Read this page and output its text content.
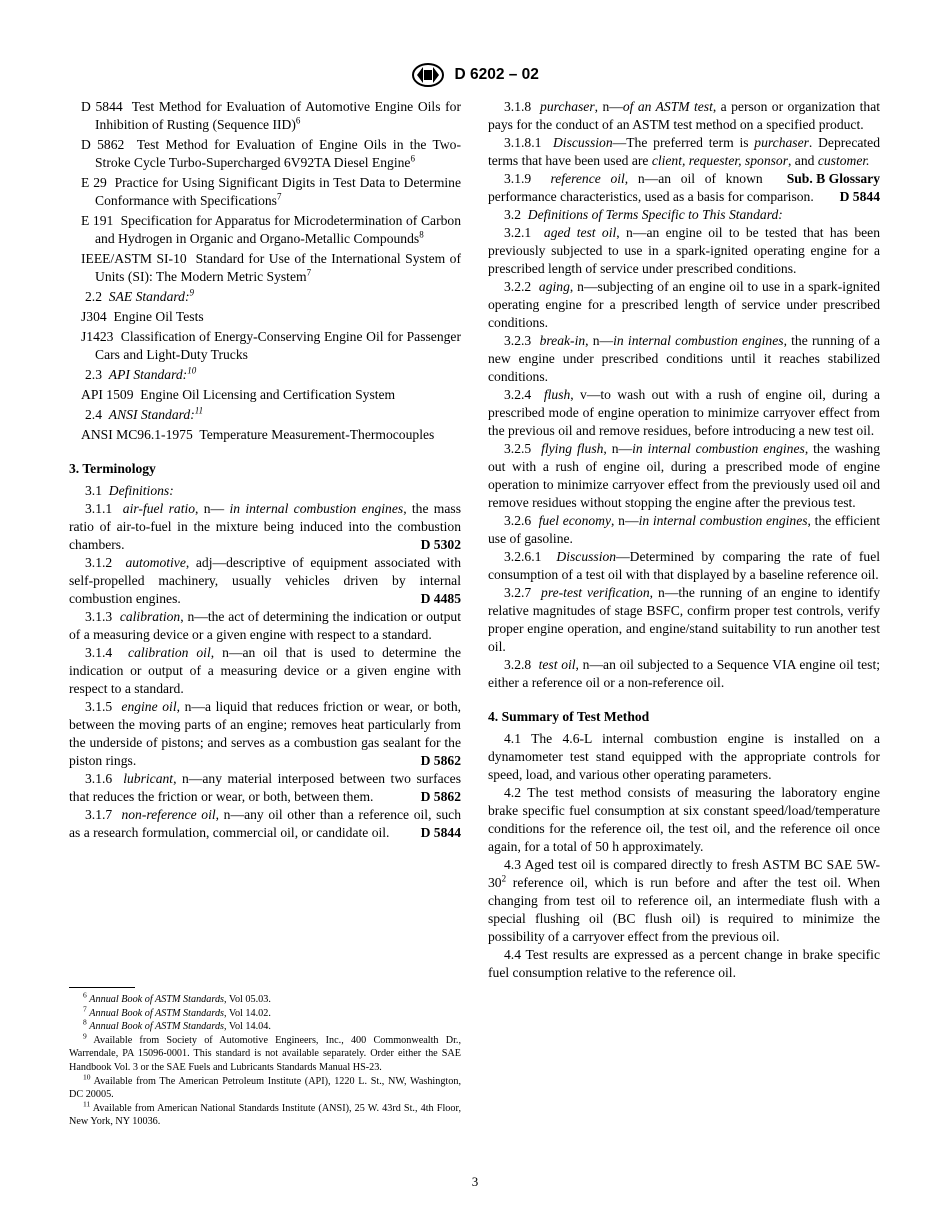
D 6202 – 02

D 5844 Test Method for Evaluation of Automotive Engine Oils for Inhibition of Rusting (Sequence IID)$^6$

D 5862 Test Method for Evaluation of Engine Oils in the Two-Stroke Cycle Turbo-Supercharged 6V92TA Diesel Engine$^6$

E 29 Practice for Using Significant Digits in Test Data to Determine Conformance with Specifications$^7$

E 191 Specification for Apparatus for Microdetermination of Carbon and Hydrogen in Organic and Organo-Metallic Compounds$^8$

IEEE/ASTM SI-10 Standard for Use of the International System of Units (SI): The Modern Metric System$^7$

2.2 SAE Standard:$^9$

J304 Engine Oil Tests

J1423 Classification of Energy-Conserving Engine Oil for Passenger Cars and Light-Duty Trucks

2.3 API Standard:$^{10}$

API 1509 Engine Oil Licensing and Certification System

2.4 ANSI Standard:$^{11}$

ANSI MC96.1-1975 Temperature Measurement-Thermocouples

3. Terminology

3.1 Definitions:

3.1.1 air-fuel ratio, n— in internal combustion engines, the mass ratio of air-to-fuel in the mixture being induced into the combustion chambers.	D 5302

3.1.2 automotive, adj—descriptive of equipment associated with self-propelled machinery, usually vehicles driven by internal combustion engines.	D 4485

3.1.3 calibration, n—the act of determining the indication or output of a measuring device or a given engine with respect to a standard.

3.1.4 calibration oil, n—an oil that is used to determine the indication or output of a measuring device or a given engine with respect to a standard.

3.1.5 engine oil, n—a liquid that reduces friction or wear, or both, between the moving parts of an engine; removes heat particularly from the underside of pistons; and serves as a combustion gas sealant for the piston rings.	D 5862

3.1.6 lubricant, n—any material interposed between two surfaces that reduces the friction or wear, or both, between them.	D 5862

3.1.7 non-reference oil, n—any oil other than a reference oil, such as a research formulation, commercial oil, or candidate oil.	D 5844

$^6$ Annual Book of ASTM Standards, Vol 05.03.

$^7$ Annual Book of ASTM Standards, Vol 14.02.

$^8$ Annual Book of ASTM Standards, Vol 14.04.

$^9$ Available from Society of Automotive Engineers, Inc., 400 Commonwealth Dr., Warrendale, PA 15096-0001. This standard is not available separately. Order either the SAE Handbook Vol. 3 or the SAE Fuels and Lubricants Standards Manual HS-23.

$^{10}$ Available from The American Petroleum Institute (API), 1220 L. St., NW, Washington, DC 20005.

$^{11}$ Available from American National Standards Institute (ANSI), 25 W. 43rd St., 4th Floor, New York, NY 10036.

3.1.8 purchaser, n—of an ASTM test, a person or organization that pays for the conduct of an ASTM test method on a specified product.

3.1.8.1 Discussion—The preferred term is purchaser. Deprecated terms that have been used are client, requester, sponsor, and customer.
Sub. B Glossary

3.1.9 reference oil, n—an oil of known performance characteristics, used as a basis for comparison.	D 5844

3.2 Definitions of Terms Specific to This Standard:

3.2.1 aged test oil, n—an engine oil to be tested that has been previously subjected to use in a spark-ignited operating engine for a prescribed length of service under prescribed conditions.

3.2.2 aging, n—subjecting of an engine oil to use in a spark-ignited operating engine for a prescribed length of service under prescribed conditions.

3.2.3 break-in, n—in internal combustion engines, the running of a new engine under prescribed conditions until it reaches stabilized conditions.

3.2.4 flush, v—to wash out with a rush of engine oil, during a prescribed mode of engine operation to minimize carryover effect from the previous oil and remove residues, before introducing a new test oil.

3.2.5 flying flush, n—in internal combustion engines, the washing out with a rush of engine oil, during a prescribed mode of engine operation to minimize carryover effect from the previously used oil and remove residues without stopping the engine after the previous test.

3.2.6 fuel economy, n—in internal combustion engines, the efficient use of gasoline.

3.2.6.1 Discussion—Determined by comparing the rate of fuel consumption of a test oil with that displayed by a baseline reference oil.

3.2.7 pre-test verification, n—the running of an engine to identify relative magnitudes of stage BSFC, confirm proper test controls, verify proper engine operation, and engine/stand suitability to run another test oil.

3.2.8 test oil, n—an oil subjected to a Sequence VIA engine oil test; either a reference oil or a non-reference oil.

4. Summary of Test Method

4.1 The 4.6-L internal combustion engine is installed on a dynamometer test stand equipped with the appropriate controls for speed, load, and various other operating parameters.

4.2 The test method consists of measuring the laboratory engine brake specific fuel consumption at six constant speed/load/temperature conditions for the reference oil, the test oil, and the reference oil once again, for a total of 50 h approximately.

4.3 Aged test oil is compared directly to fresh ASTM BC SAE $5W-30^2$ reference oil, which is run before and after the test oil. When changing from test oil to reference oil, an intermediate flush with a special flushing oil (BC flush oil) is required to minimize the possibility of a carryover effect from the previous oil.

4.4 Test results are expressed as a percent change in brake specific fuel consumption relative to the reference oil.

3
